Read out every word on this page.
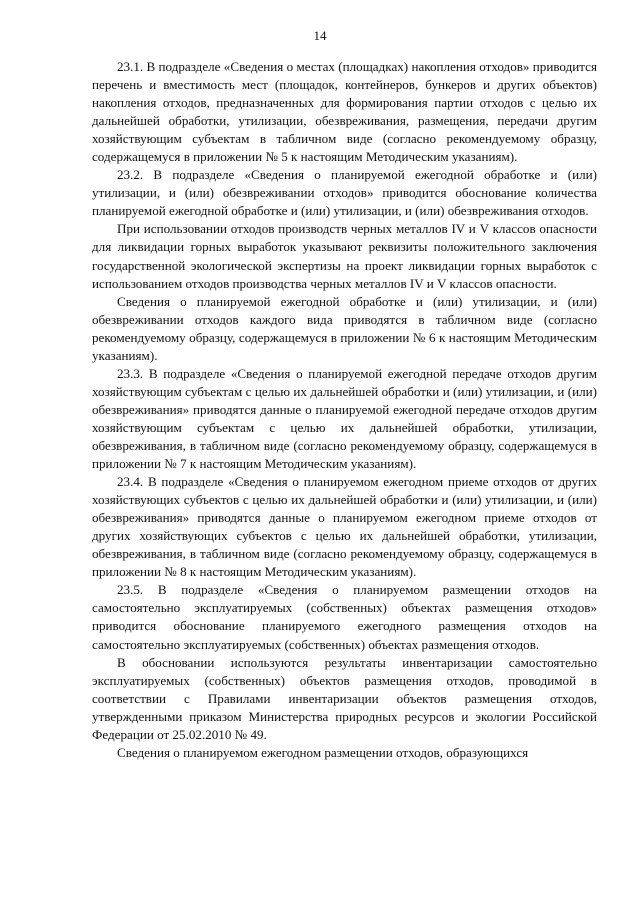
14

23.1. В подразделе «Сведения о местах (площадках) накопления отходов» приводится перечень и вместимость мест (площадок, контейнеров, бункеров и других объектов) накопления отходов, предназначенных для формирования партии отходов с целью их дальнейшей обработки, утилизации, обезвреживания, размещения, передачи другим хозяйствующим субъектам в табличном виде (согласно рекомендуемому образцу, содержащемуся в приложении № 5 к настоящим Методическим указаниям).

23.2. В подразделе «Сведения о планируемой ежегодной обработке и (или) утилизации, и (или) обезвреживании отходов» приводится обоснование количества планируемой ежегодной обработке и (или) утилизации, и (или) обезвреживания отходов.

При использовании отходов производств черных металлов IV и V классов опасности для ликвидации горных выработок указывают реквизиты положительного заключения государственной экологической экспертизы на проект ликвидации горных выработок с использованием отходов производства черных металлов IV и V классов опасности.

Сведения о планируемой ежегодной обработке и (или) утилизации, и (или) обезвреживании отходов каждого вида приводятся в табличном виде (согласно рекомендуемому образцу, содержащемуся в приложении № 6 к настоящим Методическим указаниям).

23.3. В подразделе «Сведения о планируемой ежегодной передаче отходов другим хозяйствующим субъектам с целью их дальнейшей обработки и (или) утилизации, и (или) обезвреживания» приводятся данные о планируемой ежегодной передаче отходов другим хозяйствующим субъектам с целью их дальнейшей обработки, утилизации, обезвреживания, в табличном виде (согласно рекомендуемому образцу, содержащемуся в приложении № 7 к настоящим Методическим указаниям).

23.4. В подразделе «Сведения о планируемом ежегодном приеме отходов от других хозяйствующих субъектов с целью их дальнейшей обработки и (или) утилизации, и (или) обезвреживания» приводятся данные о планируемом ежегодном приеме отходов от других хозяйствующих субъектов с целью их дальнейшей обработки, утилизации, обезвреживания, в табличном виде (согласно рекомендуемому образцу, содержащемуся в приложении № 8 к настоящим Методическим указаниям).

23.5. В подразделе «Сведения о планируемом размещении отходов на самостоятельно эксплуатируемых (собственных) объектах размещения отходов» приводится обоснование планируемого ежегодного размещения отходов на самостоятельно эксплуатируемых (собственных) объектах размещения отходов.

В обосновании используются результаты инвентаризации самостоятельно эксплуатируемых (собственных) объектов размещения отходов, проводимой в соответствии с Правилами инвентаризации объектов размещения отходов, утвержденными приказом Министерства природных ресурсов и экологии Российской Федерации от 25.02.2010 № 49.

Сведения о планируемом ежегодном размещении отходов, образующихся
